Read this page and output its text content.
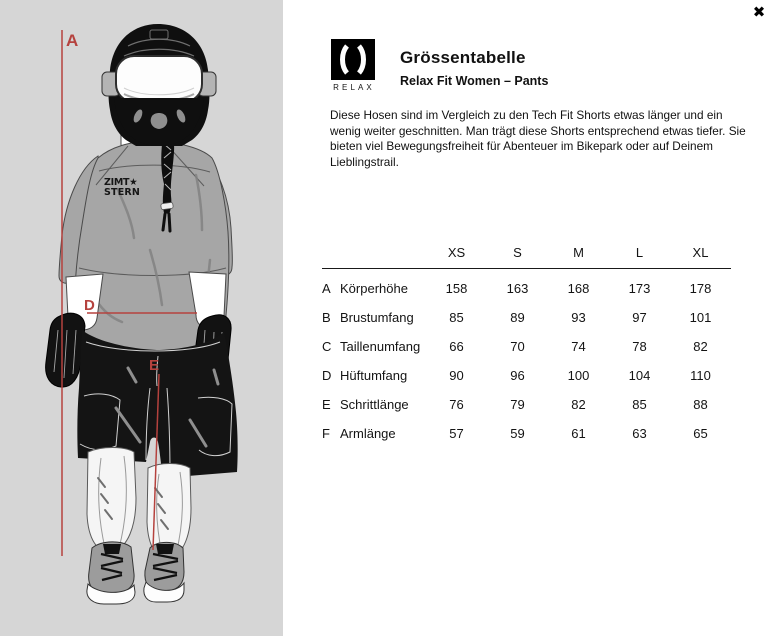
ZIMT★
STERN
A
D
E
✖
RELAX
Grössentabelle
Relax Fit Women – Pants
Diese Hosen sind im Vergleich zu den Tech Fit Shorts etwas länger und ein wenig weiter geschnitten. Man trägt diese Shorts entsprechend etwas tiefer. Sie bieten viel Bewegungsfreiheit für Abenteuer im Bikepark oder auf Deinem Lieblingstrail.
		XS	S	M	L	XL
A	Körperhöhe	158	163	168	173	178
B	Brustumfang	85	89	93	97	101
C	Taillenumfang	66	70	74	78	82
D	Hüftumfang	90	96	100	104	110
E	Schrittlänge	76	79	82	85	88
F	Armlänge	57	59	61	63	65
